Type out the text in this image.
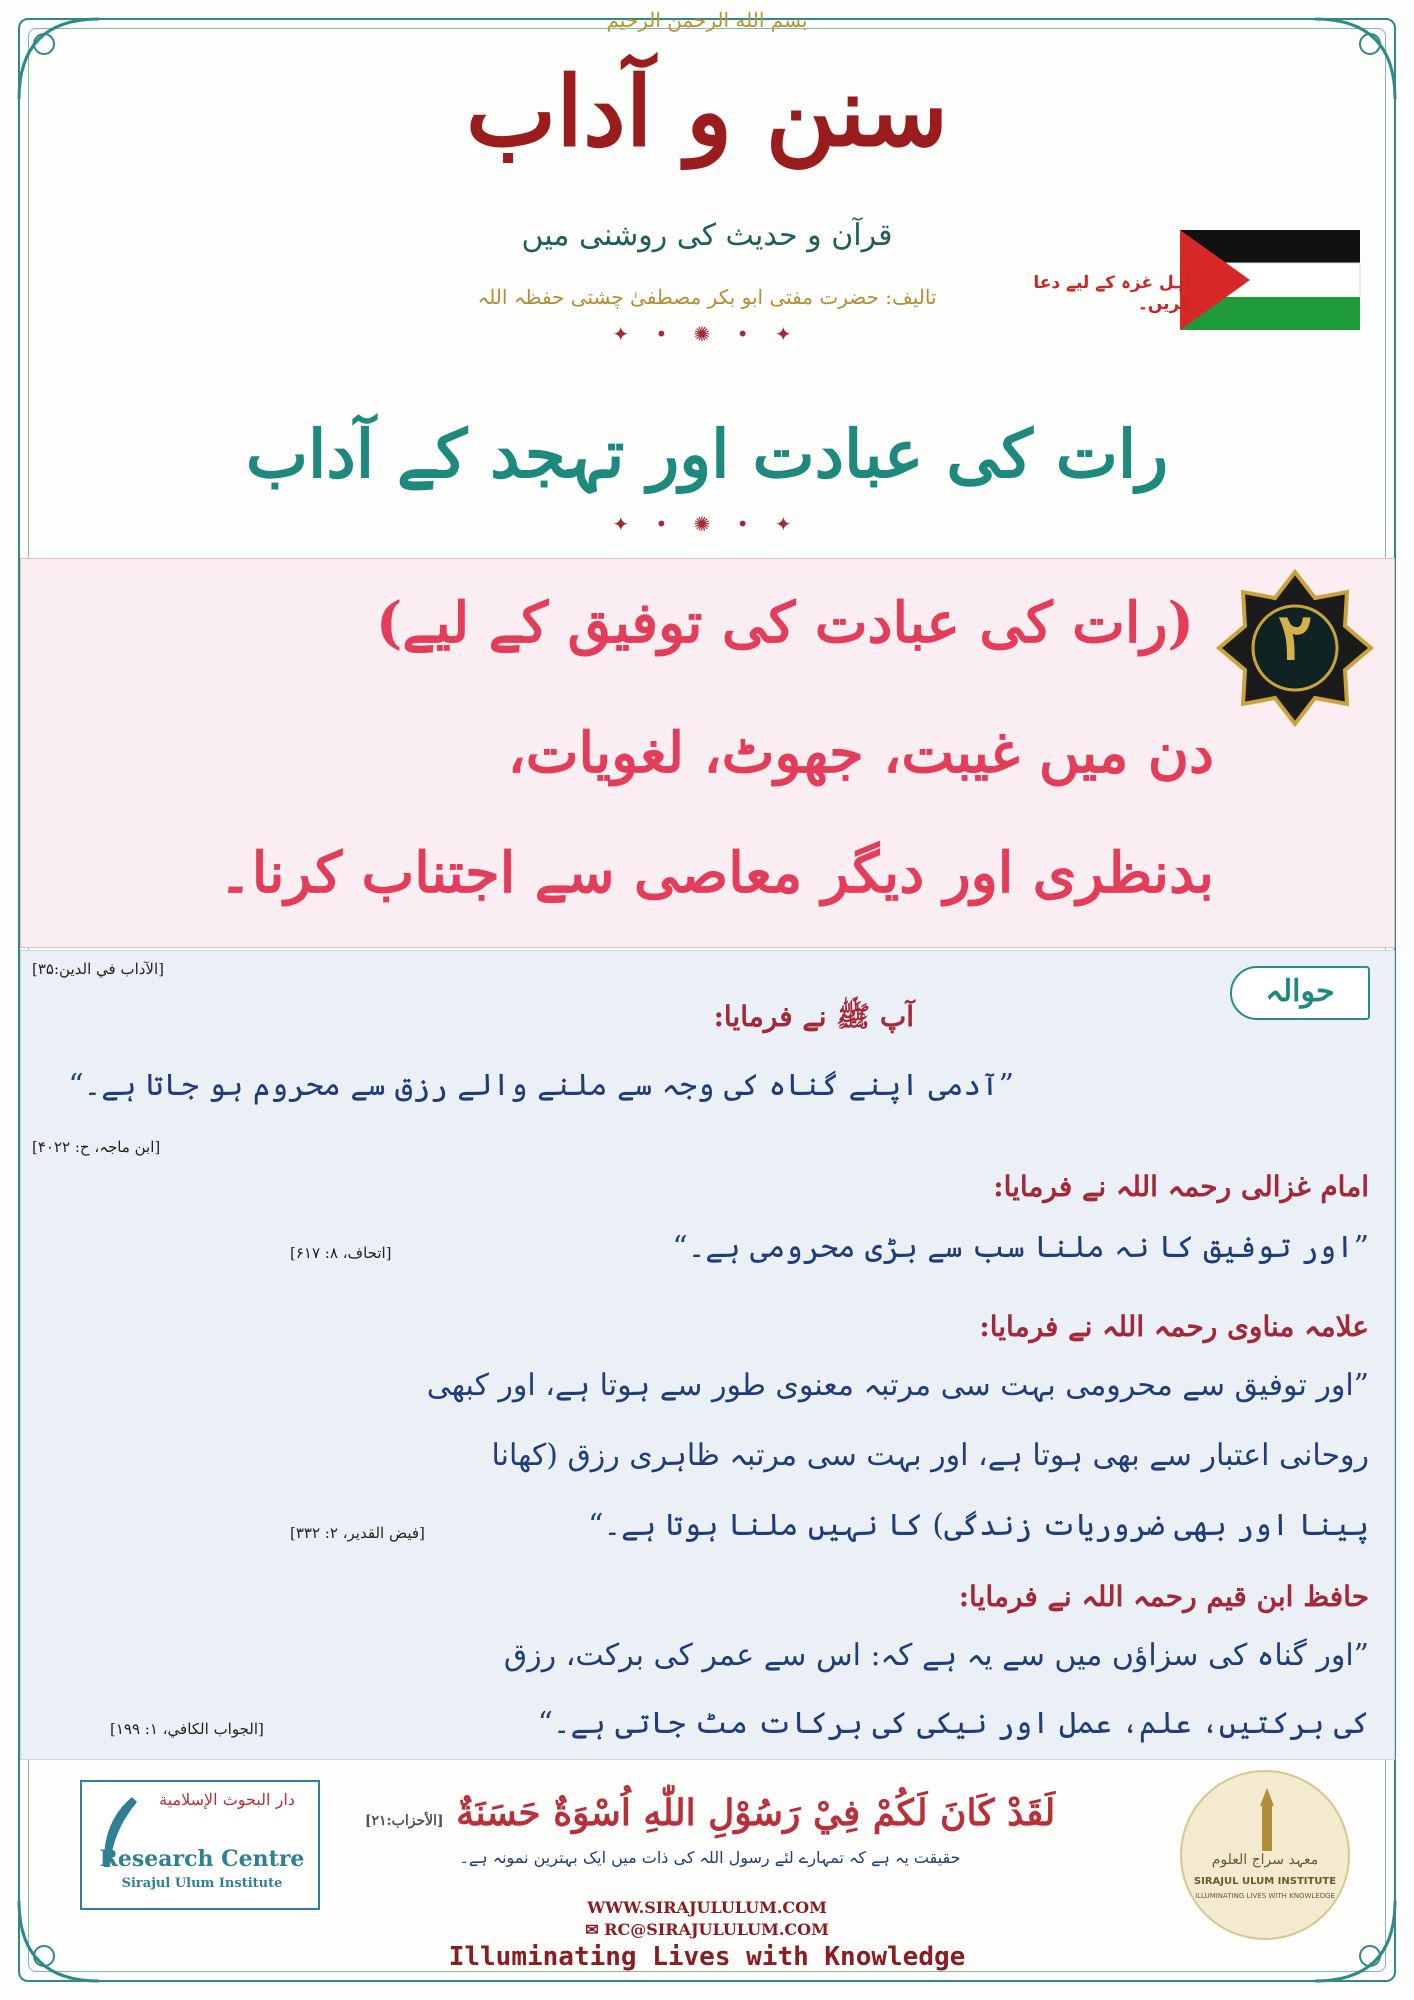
بسم الله الرحمن الرحيم
سنن و آداب
قرآن و حدیث کی روشنی میں
تالیف: حضرت مفتی ابو بکر مصطفیٰ چشتی حفظہ اللہ
✦ • ✺ • ✦
اہل غزہ کے لیے دعا کریں۔
رات کی عبادت اور تہجد کے آداب
✦ • ✺ • ✦
۲
(رات کی عبادت کی توفیق کے لیے)
دن میں غیبت، جھوٹ، لغویات،
بدنظری اور دیگر معاصی سے اجتناب کرنا۔
حوالہ
[الآداب في الدين:۳۵]
آپ ﷺ نے فرمایا:
”آدمی اپنے گناہ کی وجہ سے ملنے والے رزق سے محروم ہو جاتا ہے۔“
[ابن ماجہ، ح: ۴۰۲۲]
امام غزالی رحمہ اللہ نے فرمایا:
”اور توفیق کا نہ ملنا سب سے بڑی محرومی ہے۔“
[اتحاف، ۸: ۶۱۷]
علامہ مناوی رحمہ اللہ نے فرمایا:
”اور توفیق سے محرومی بہت سی مرتبہ معنوی طور سے ہوتا ہے، اور کبھی
روحانی اعتبار سے بھی ہوتا ہے، اور بہت سی مرتبہ ظاہری رزق (کھانا
پینا اور بھی ضروریات زندگی) کا نہیں ملنا ہوتا ہے۔“
[فیض القدیر، ۲: ۳۳۲]
حافظ ابن قیم رحمہ اللہ نے فرمایا:
”اور گناہ کی سزاؤں میں سے یہ ہے کہ: اس سے عمر کی برکت، رزق
کی برکتیں، علم، عمل اور نیکی کی برکات مٹ جاتی ہے۔“
[الجواب الکافي، ۱: ۱۹۹]
دار البحوث الإسلامية
Research Centre
Sirajul Ulum Institute
لَقَدْ كَانَ لَكُمْ فِيْ رَسُوْلِ اللّٰهِ اُسْوَةٌ حَسَنَةٌ [الأحزاب:۲۱]
حقیقت یہ ہے کہ تمہارے لئے رسول اللہ کی ذات میں ایک بہترین نمونہ ہے۔
WWW.SIRAJULULUM.COM
✉ RC@SIRAJULULUM.COM
Illuminating Lives with Knowledge
معہد سراج العلوم
SIRAJUL ULUM INSTITUTE
ILLUMINATING LIVES WITH KNOWLEDGE
